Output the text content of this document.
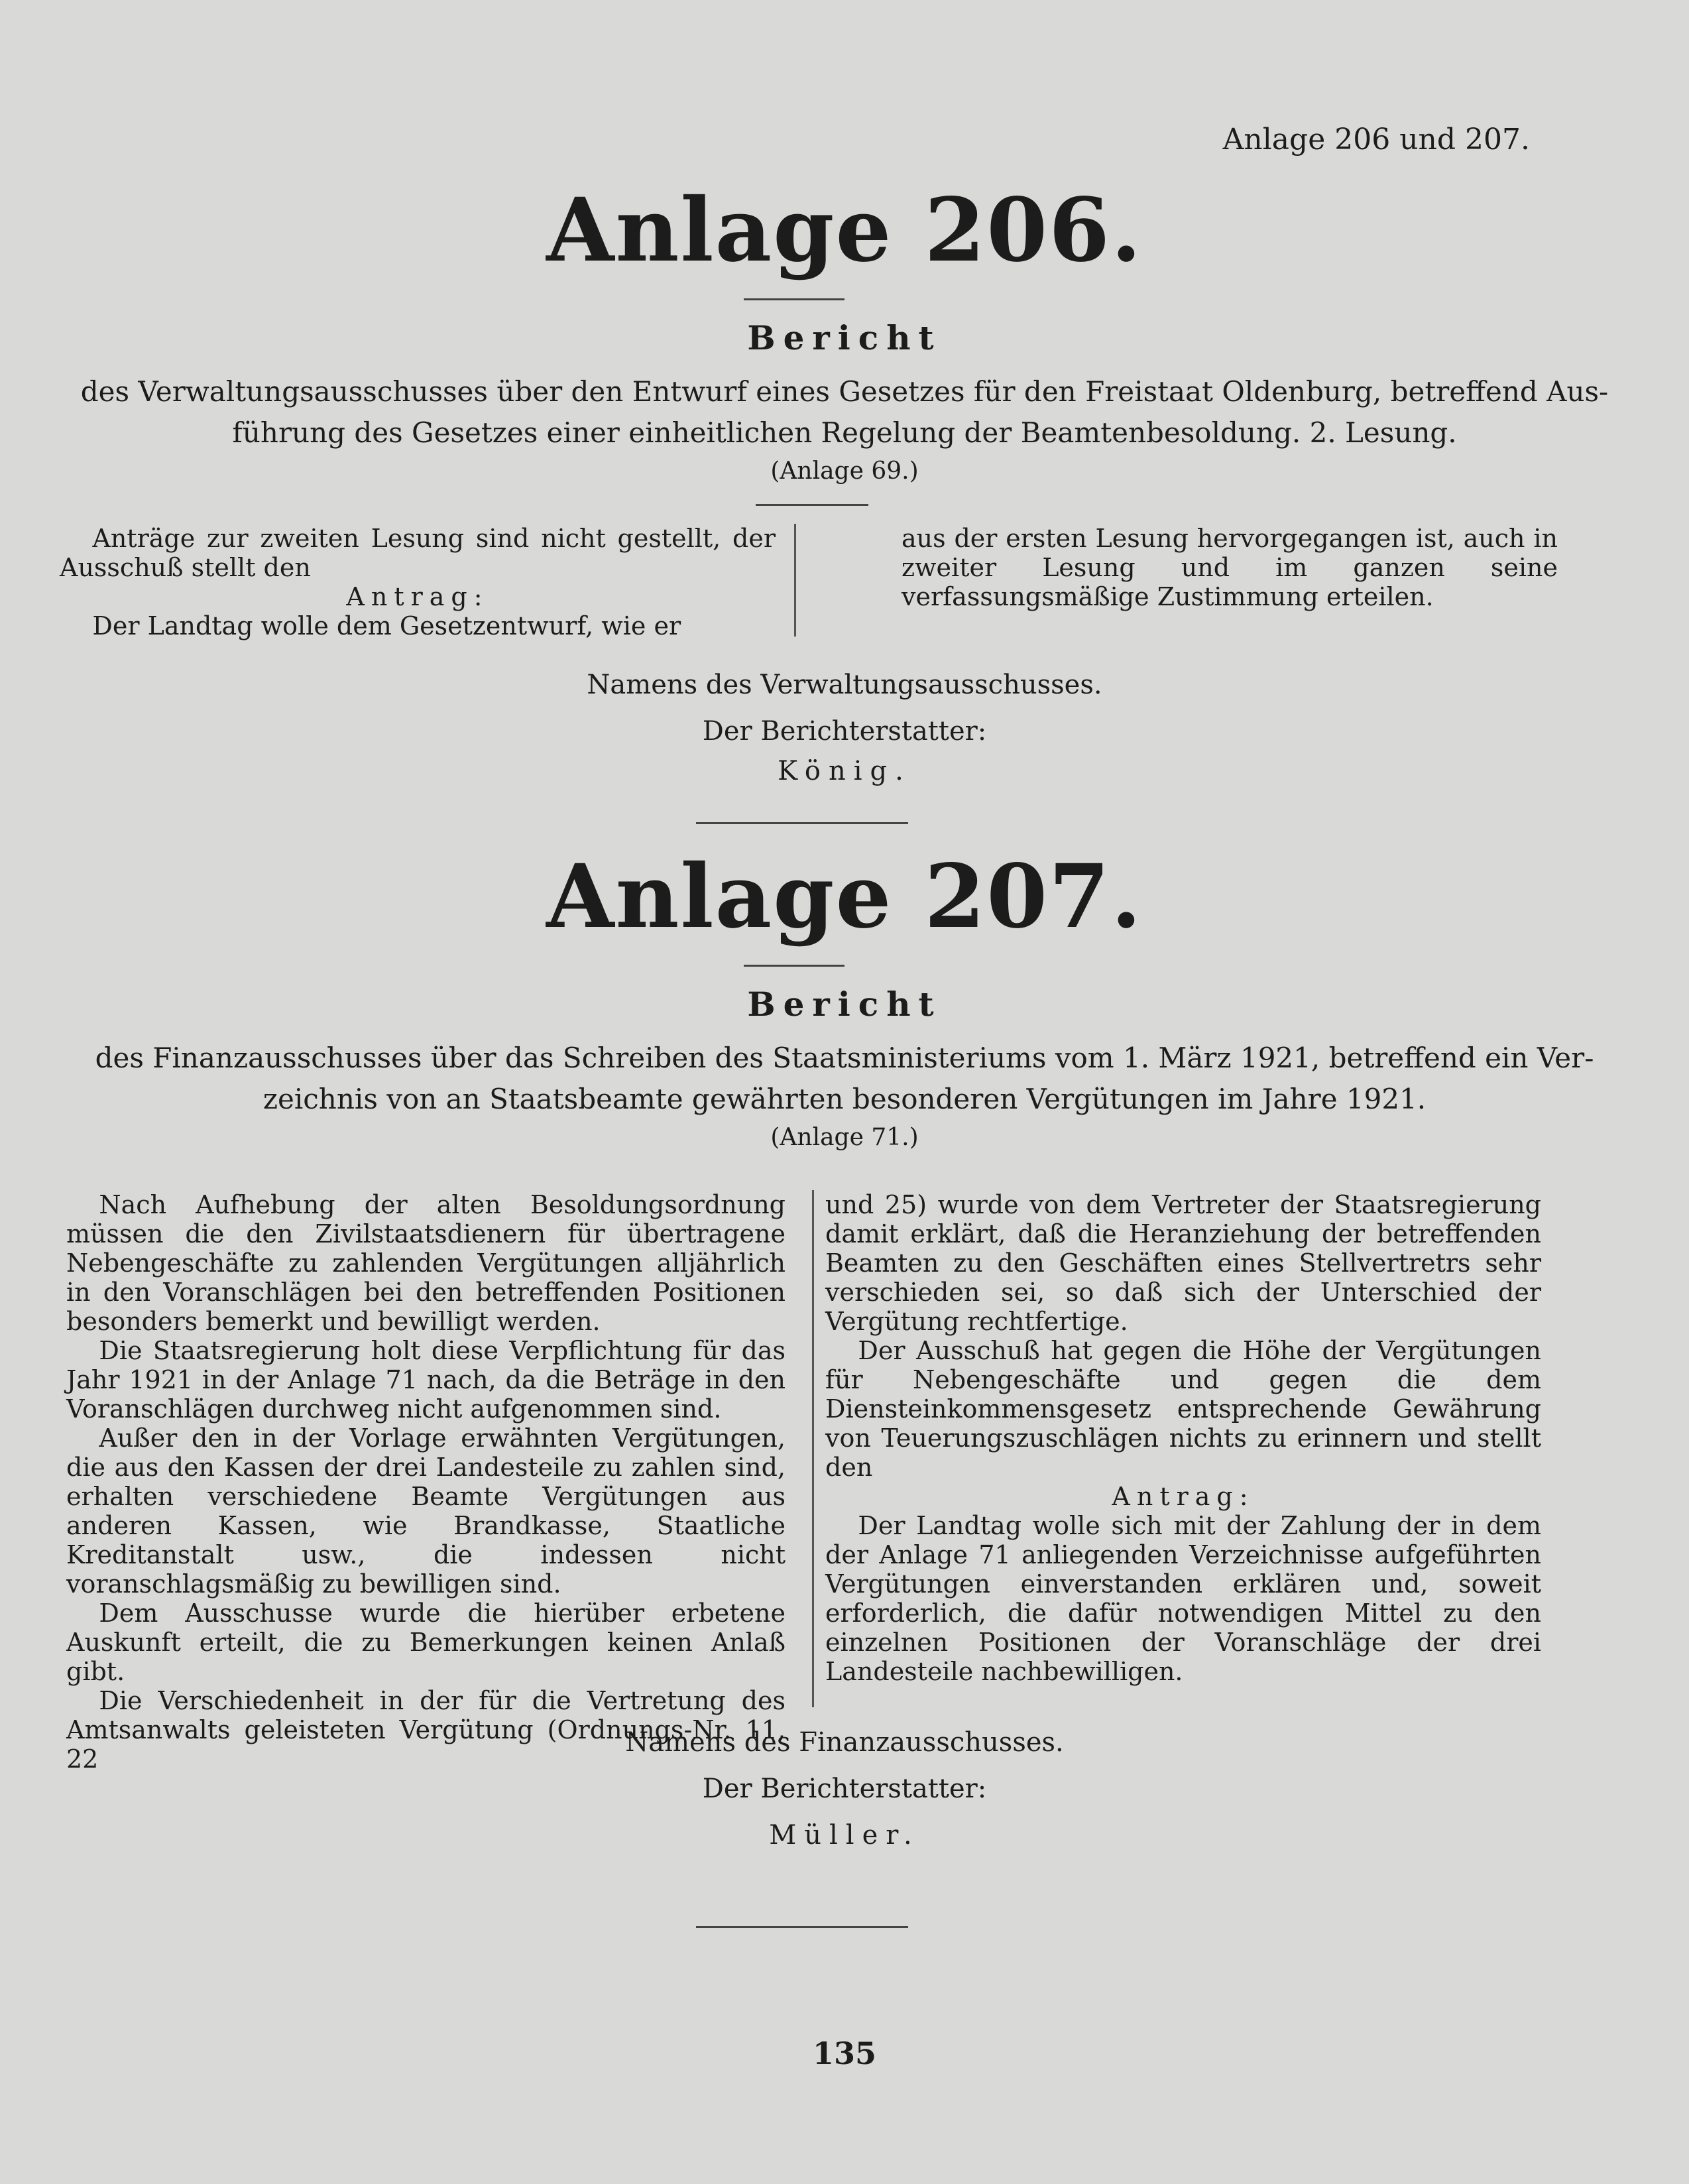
Anlage 206 und 207.
Anlage 206.
Bericht
des Verwaltungsausschusses über den Entwurf eines Gesetzes für den Freistaat Oldenburg, betreffend Aus-
führung des Gesetzes einer einheitlichen Regelung der Beamtenbesoldung. 2. Lesung.
(Anlage 69.)

Anträge zur zweiten Lesung sind nicht gestellt, der Ausschuß stellt den

Antrag:

Der Landtag wolle dem Gesetzentwurf, wie er

aus der ersten Lesung hervorgegangen ist, auch in zweiter Lesung und im ganzen seine verfassungsmäßige Zustimmung erteilen.

Namens des Verwaltungsausschusses.
Der Berichterstatter:
König.
Anlage 207.
Bericht
des Finanzausschusses über das Schreiben des Staatsministeriums vom 1. März 1921, betreffend ein Ver-
zeichnis von an Staatsbeamte gewährten besonderen Vergütungen im Jahre 1921.
(Anlage 71.)

Nach Aufhebung der alten Besoldungsordnung müssen die den Zivilstaatsdienern für übertragene Nebengeschäfte zu zahlenden Vergütungen alljährlich in den Voranschlägen bei den betreffenden Positionen besonders bemerkt und bewilligt werden.

Die Staatsregierung holt diese Verpflichtung für das Jahr 1921 in der Anlage 71 nach, da die Beträge in den Voranschlägen durchweg nicht aufgenommen sind.

Außer den in der Vorlage erwähnten Vergütungen, die aus den Kassen der drei Landesteile zu zahlen sind, erhalten verschiedene Beamte Vergütungen aus anderen Kassen, wie Brandkasse, Staatliche Kreditanstalt usw., die indessen nicht voranschlagsmäßig zu bewilligen sind.

Dem Ausschusse wurde die hierüber erbetene Auskunft erteilt, die zu Bemerkungen keinen Anlaß gibt.

Die Verschiedenheit in der für die Vertretung des Amtsanwalts geleisteten Vergütung (Ordnungs-Nr. 11, 22

und 25) wurde von dem Vertreter der Staatsregierung damit erklärt, daß die Heranziehung der betreffenden Beamten zu den Geschäften eines Stellvertretrs sehr verschieden sei, so daß sich der Unterschied der Vergütung rechtfertige.

Der Ausschuß hat gegen die Höhe der Vergütungen für Nebengeschäfte und gegen die dem Diensteinkommensgesetz entsprechende Gewährung von Teuerungszuschlägen nichts zu erinnern und stellt den

Antrag:

Der Landtag wolle sich mit der Zahlung der in dem der Anlage 71 anliegenden Verzeichnisse aufgeführten Vergütungen einverstanden erklären und, soweit erforderlich, die dafür notwendigen Mittel zu den einzelnen Positionen der Voranschläge der drei Landesteile nachbewilligen.

Namens des Finanzausschusses.
Der Berichterstatter:
Müller.
135
